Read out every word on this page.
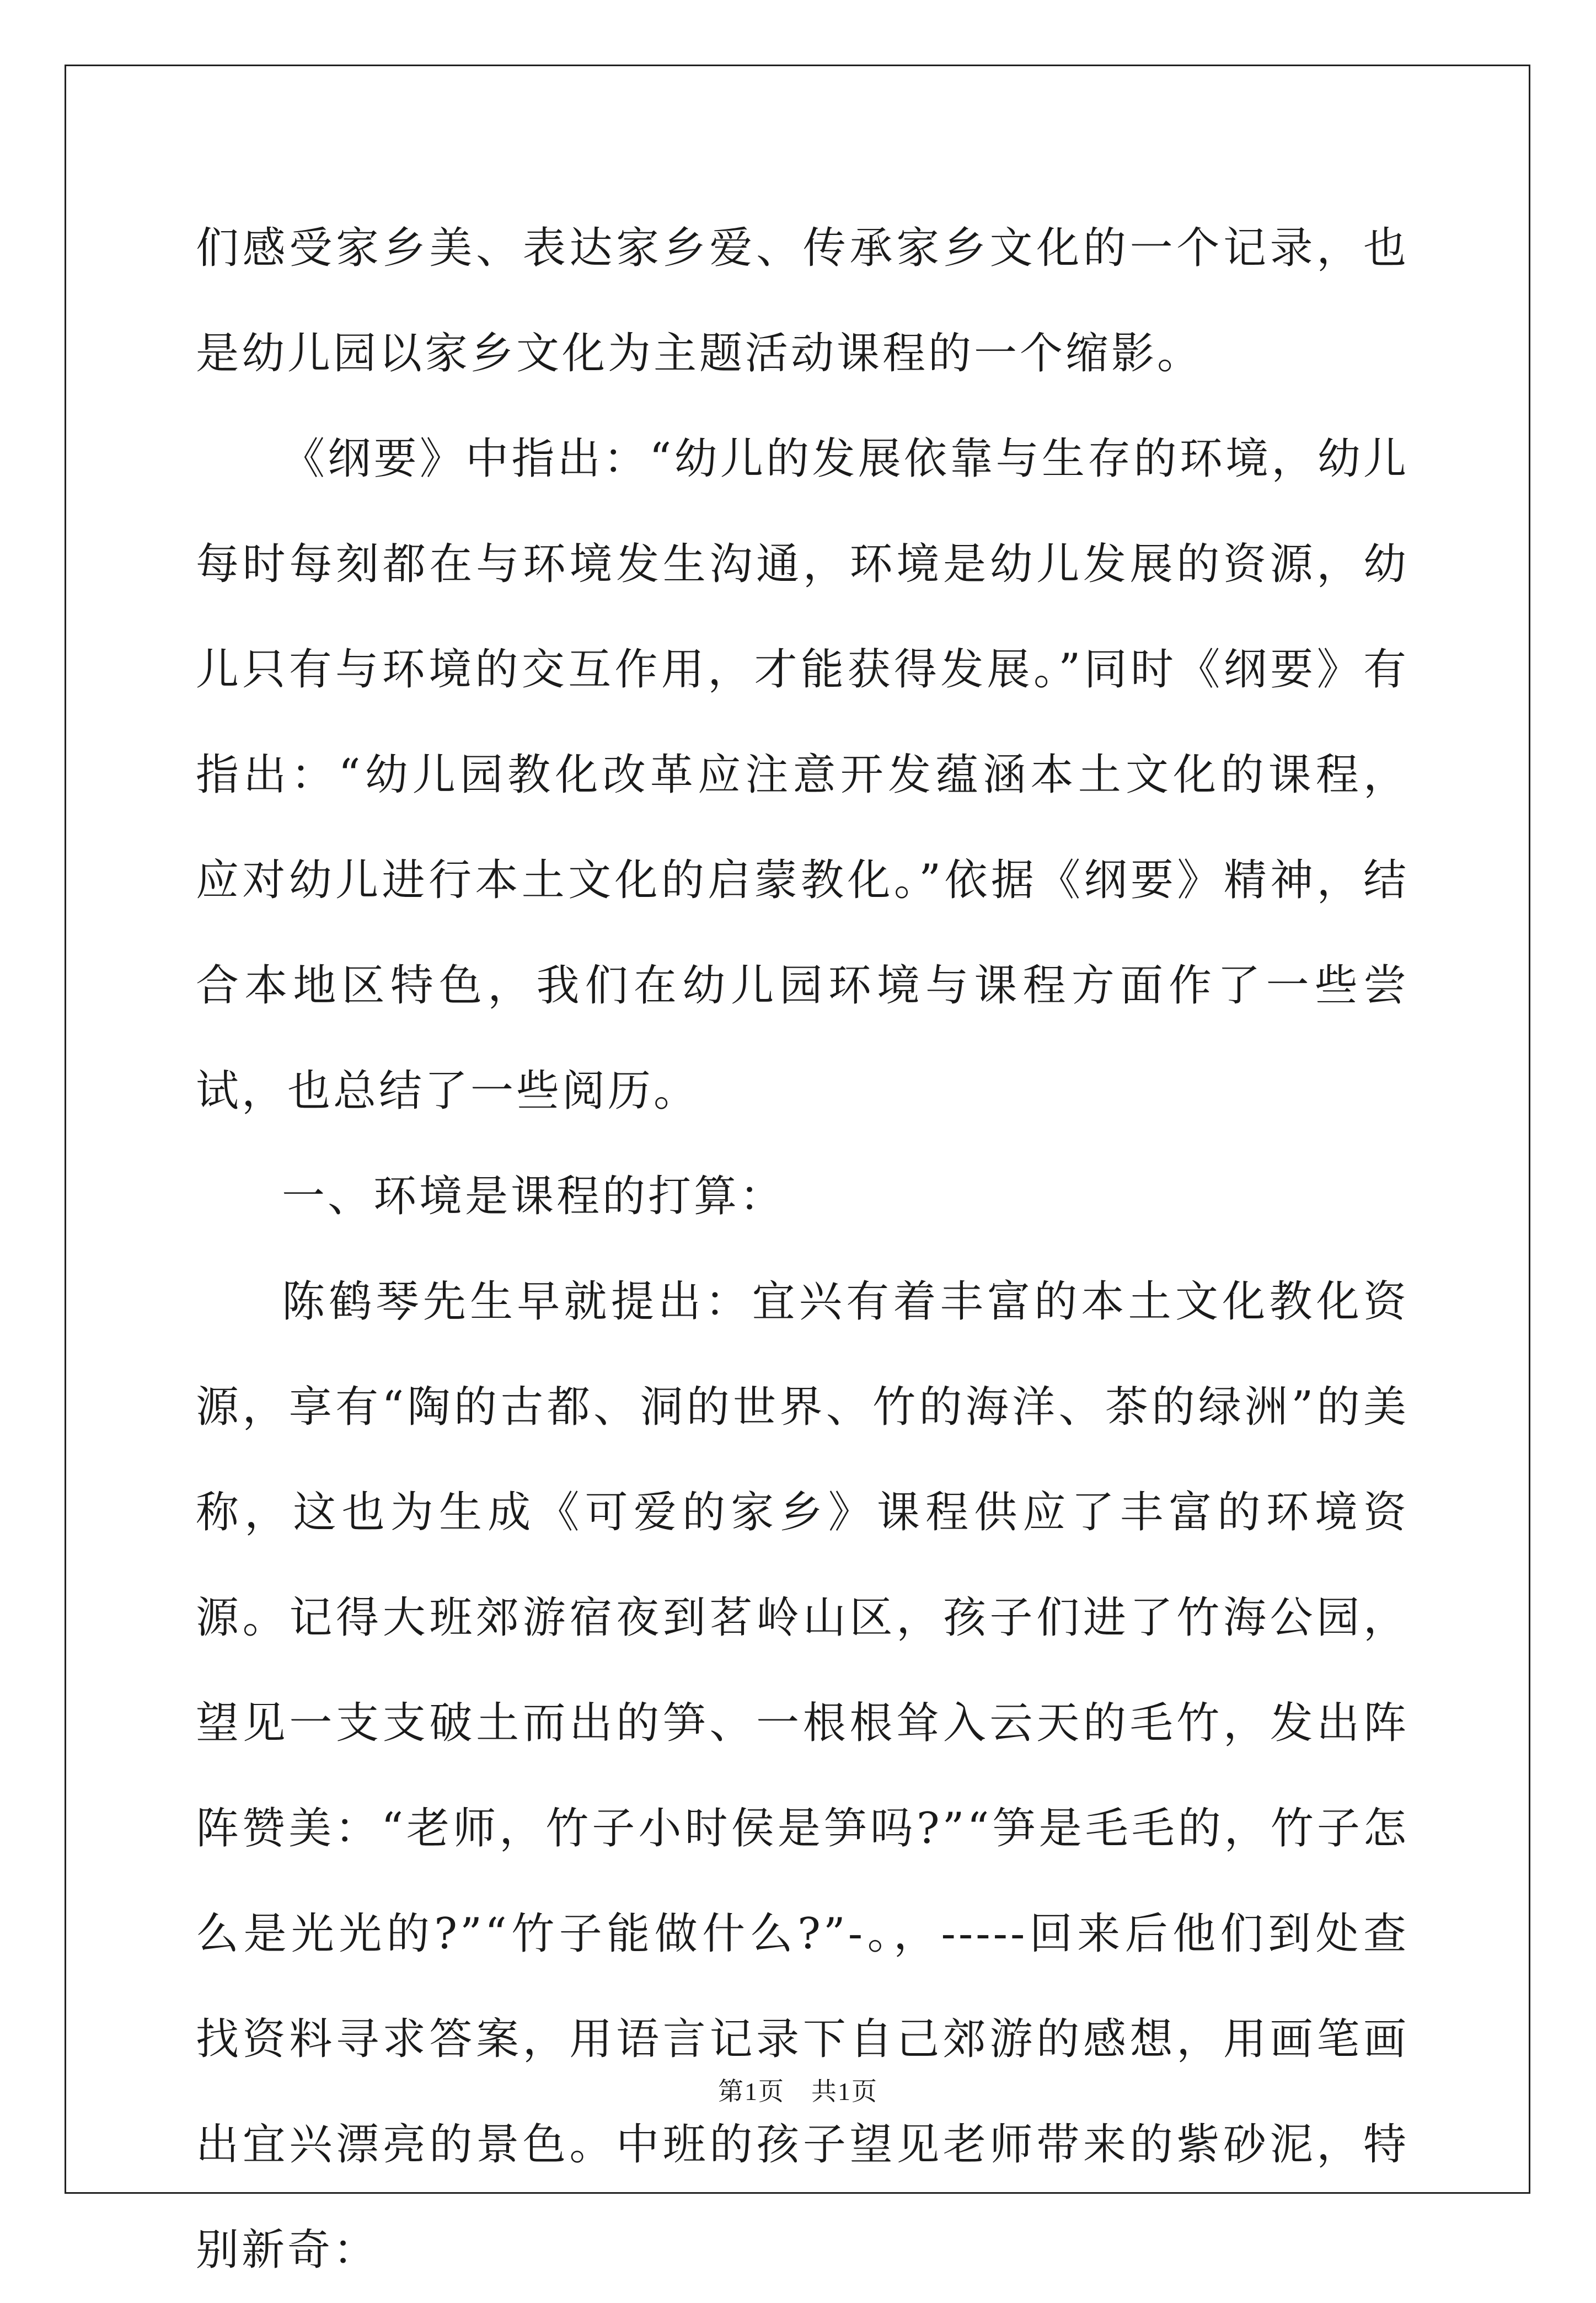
们感受家乡美、表达家乡爱、传承家乡文化的一个记录，也是幼儿园以家乡文化为主题活动课程的一个缩影。

《纲要》中指出：“幼儿的发展依靠与生存的环境，幼儿每时每刻都在与环境发生沟通，环境是幼儿发展的资源，幼儿只有与环境的交互作用，才能获得发展。”同时《纲要》有指出：“幼儿园教化改革应注意开发蕴涵本土文化的课程，应对幼儿进行本土文化的启蒙教化。”依据《纲要》精神，结合本地区特色，我们在幼儿园环境与课程方面作了一些尝试，也总结了一些阅历。

一、环境是课程的打算：

陈鹤琴先生早就提出：宜兴有着丰富的本土文化教化资源，享有“陶的古都、洞的世界、竹的海洋、茶的绿洲”的美称，这也为生成《可爱的家乡》课程供应了丰富的环境资源。记得大班郊游宿夜到茗岭山区，孩子们进了竹海公园，望见一支支破土而出的笋、一根根耸入云天的毛竹，发出阵阵赞美：“老师，竹子小时侯是笋吗?”“笋是毛毛的，竹子怎么是光光的?”“竹子能做什么?”-。，-----回来后他们到处查找资料寻求答案，用语言记录下自己郊游的感想，用画笔画出宜兴漂亮的景色。中班的孩子望见老师带来的紫砂泥，特别新奇：

第1页 共1页
